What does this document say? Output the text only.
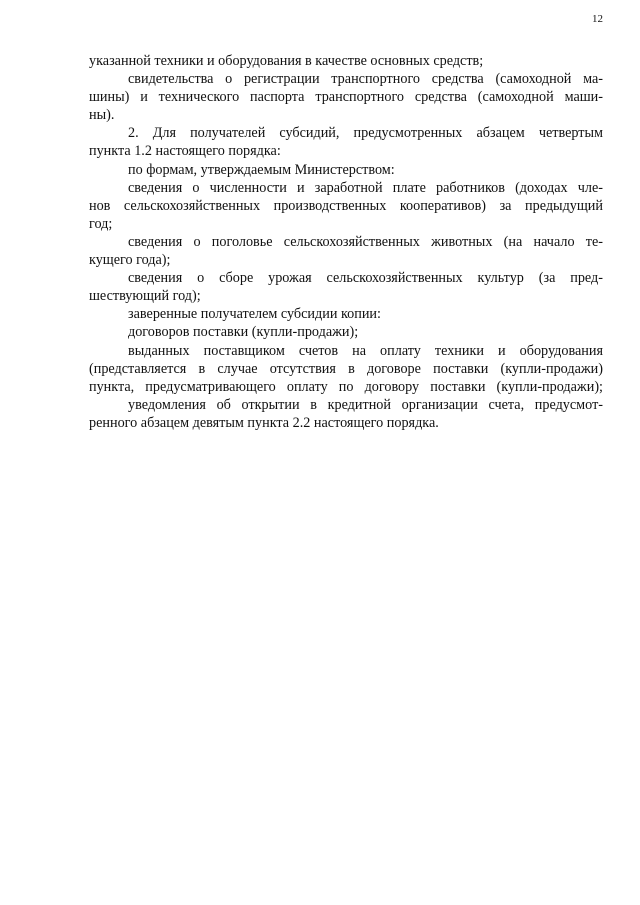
12
указанной техники и оборудования в качестве основных средств;
свидетельства о регистрации транспортного средства (самоходной ма-
шины) и технического паспорта транспортного средства (самоходной маши-
ны).
2. Для получателей субсидий, предусмотренных абзацем четвертым
пункта 1.2 настоящего порядка:
по формам, утверждаемым Министерством:
сведения о численности и заработной плате работников (доходах чле-
нов сельскохозяйственных производственных кооперативов) за предыдущий
год;
сведения о поголовье сельскохозяйственных животных (на начало те-
кущего года);
сведения о сборе урожая сельскохозяйственных культур (за пред-
шествующий год);
заверенные получателем субсидии копии:
договоров поставки (купли-продажи);
выданных поставщиком счетов на оплату техники и оборудования
(представляется в случае отсутствия в договоре поставки (купли-продажи)
пункта, предусматривающего оплату по договору поставки (купли-продажи);
уведомления об открытии в кредитной организации счета, предусмот-
ренного абзацем девятым пункта 2.2 настоящего порядка.
